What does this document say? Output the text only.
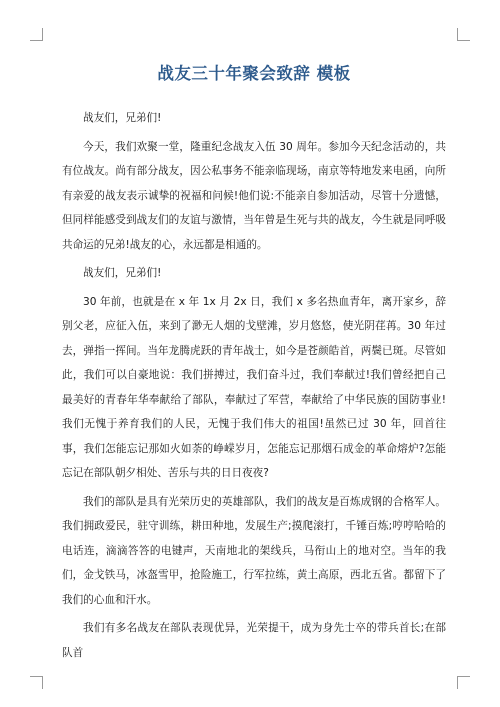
战友三十年聚会致辞 模板

战友们，兄弟们!

今天，我们欢聚一堂，隆重纪念战友入伍 30 周年。参加今天纪念活动的，共有位战友。尚有部分战友，因公私事务不能亲临现场，南京等特地发来电函，向所有亲爱的战友表示诚挚的祝福和问候!他们说:不能亲自参加活动，尽管十分遗憾，但同样能感受到战友们的友谊与激情，当年曾是生死与共的战友，今生就是同呼吸共命运的兄弟!战友的心，永远都是相通的。

战友们，兄弟们!

30 年前，也就是在 x 年 1x 月 2x 日，我们 x 多名热血青年，离开家乡，辞别父老，应征入伍，来到了渺无人烟的戈壁滩，岁月悠悠，使光阴荏苒。30 年过去，弹指一挥间。当年龙腾虎跃的青年战士，如今是苍颜皓首，两鬓已斑。尽管如此，我们可以自豪地说：我们拼搏过，我们奋斗过，我们奉献过!我们曾经把自己最美好的青春年华奉献给了部队，奉献过了军营，奉献给了中华民族的国防事业!我们无愧于养育我们的人民，无愧于我们伟大的祖国!虽然已过 30 年，回首往事，我们怎能忘记那如火如荼的峥嵘岁月，怎能忘记那烟石成金的革命熔炉?怎能忘记在部队朝夕相处、苦乐与共的日日夜夜?

我们的部队是具有光荣历史的英雄部队，我们的战友是百炼成钢的合格军人。我们拥政爱民，驻守训练，耕田种地，发展生产;摸爬滚打，千锤百炼;哼哼哈哈的电话连，滴滴答答的电键声，天南地北的架线兵，马衔山上的地对空。当年的我们，金戈铁马，冰盔雪甲，抢险施工，行军拉练，黄土高原，西北五省。都留下了我们的心血和汗水。

我们有多名战友在部队表现优异，光荣提干，成为身先士卒的带兵首长;在部队首
